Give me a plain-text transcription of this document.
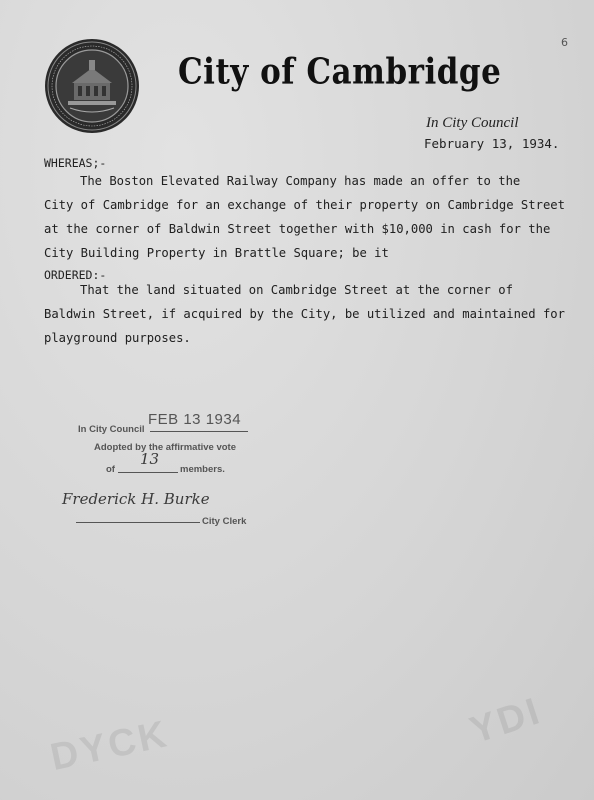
City of Cambridge
6
In City Council
February 13, 1934.
WHEREAS;-
The Boston Elevated Railway Company has made an offer to the
City of Cambridge for an exchange of their property on Cambridge Street
at the corner of Baldwin Street together with $10,000 in cash for the
City Building Property in Brattle Square; be it
ORDERED:-
That the land situated on Cambridge Street at the corner of
Baldwin Street, if acquired by the City, be utilized and maintained for
playground purposes.
In City Council
FEB 13 1934
Adopted by the affirmative vote
of
13
members.
Frederick H. Burke
City Clerk
DYCK	YDI
